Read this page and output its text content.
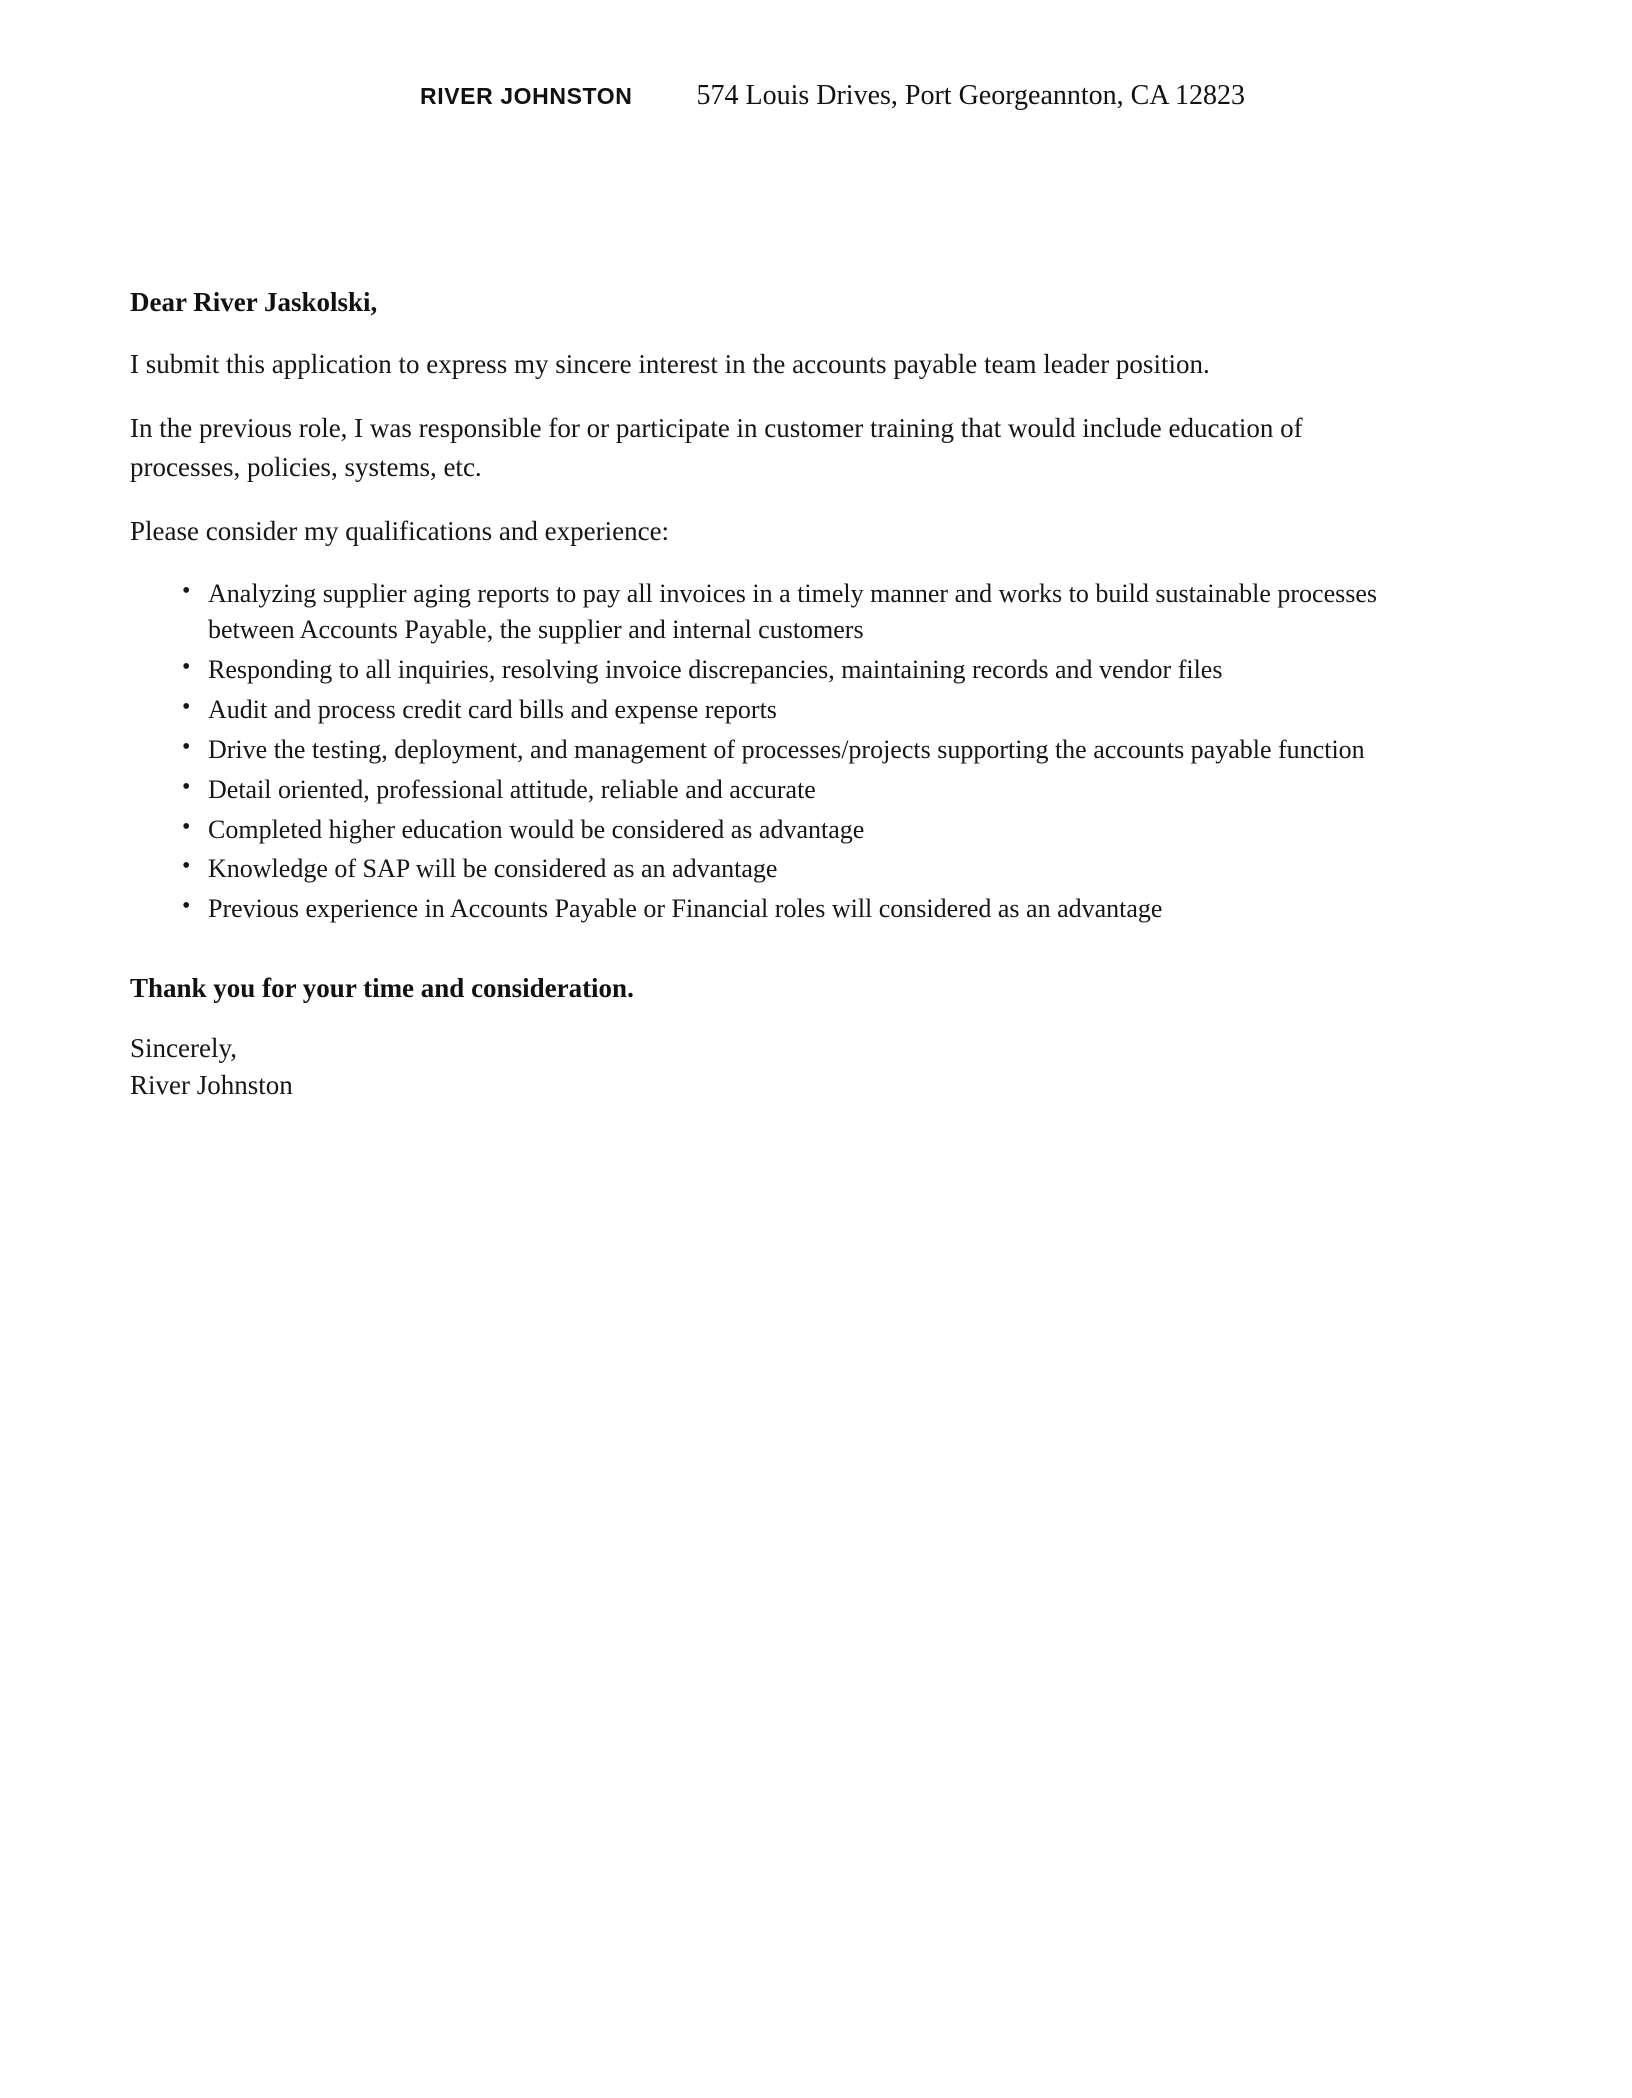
RIVER JOHNSTON 574 Louis Drives, Port Georgeannton, CA 12823
Dear River Jaskolski,

I submit this application to express my sincere interest in the accounts payable team leader position.

In the previous role, I was responsible for or participate in customer training that would include education of processes, policies, systems, etc.

Please consider my qualifications and experience:

• Analyzing supplier aging reports to pay all invoices in a timely manner and works to build sustainable processes between Accounts Payable, the supplier and internal customers
• Responding to all inquiries, resolving invoice discrepancies, maintaining records and vendor files
• Audit and process credit card bills and expense reports
• Drive the testing, deployment, and management of processes/projects supporting the accounts payable function
• Detail oriented, professional attitude, reliable and accurate
• Completed higher education would be considered as advantage
• Knowledge of SAP will be considered as an advantage
• Previous experience in Accounts Payable or Financial roles will considered as an advantage
Thank you for your time and consideration.
Sincerely,
River Johnston
